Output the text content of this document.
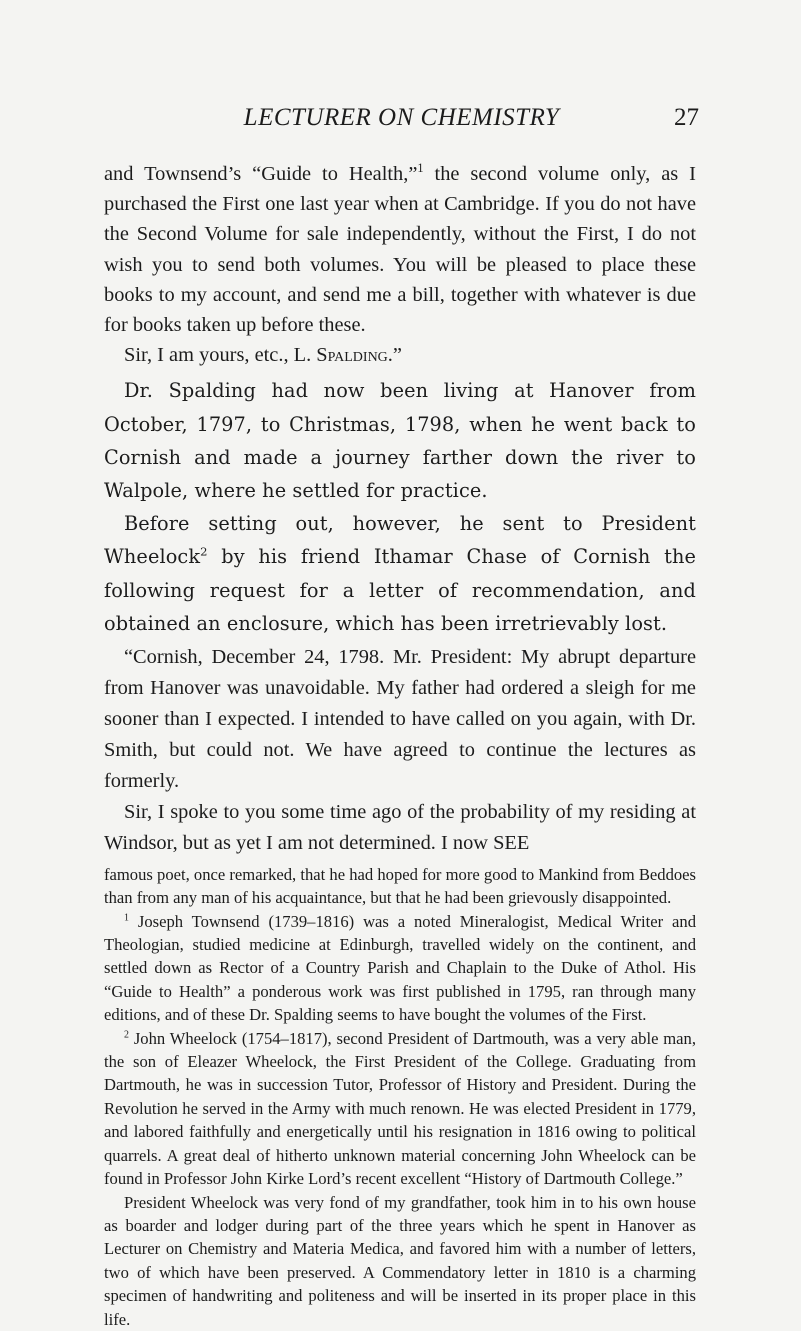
LECTURER ON CHEMISTRY	27

and Townsend’s “Guide to Health,”$^1$ the second volume only, as I purchased the First one last year when at Cambridge. If you do not have the Second Volume for sale independently, without the First, I do not wish you to send both volumes. You will be pleased to place these books to my account, and send me a bill, together with whatever is due for books taken up before these.

Sir, I am yours, etc., L. Spalding.”

Dr. Spalding had now been living at Hanover from October, 1797, to Christmas, 1798, when he went back to Cornish and made a journey farther down the river to Walpole, where he settled for practice.

Before setting out, however, he sent to President Wheelock$^2$ by his friend Ithamar Chase of Cornish the following request for a letter of recommendation, and obtained an enclosure, which has been irretrievably lost.

“Cornish, December 24, 1798. Mr. President: My abrupt departure from Hanover was unavoidable. My father had ordered a sleigh for me sooner than I expected. I intended to have called on you again, with Dr. Smith, but could not. We have agreed to continue the lectures as formerly.

Sir, I spoke to you some time ago of the probability of my residing at Windsor, but as yet I am not determined. I now SEE

famous poet, once remarked, that he had hoped for more good to Mankind from Beddoes than from any man of his acquaintance, but that he had been grievously disappointed.

$^1$ Joseph Townsend (1739–1816) was a noted Mineralogist, Medical Writer and Theologian, studied medicine at Edinburgh, travelled widely on the continent, and settled down as Rector of a Country Parish and Chaplain to the Duke of Athol. His “Guide to Health” a ponderous work was first published in 1795, ran through many editions, and of these Dr. Spalding seems to have bought the volumes of the First.

$^2$ John Wheelock (1754–1817), second President of Dartmouth, was a very able man, the son of Eleazer Wheelock, the First President of the College. Graduating from Dartmouth, he was in succession Tutor, Professor of History and President. During the Revolution he served in the Army with much renown. He was elected President in 1779, and labored faithfully and energetically until his resignation in 1816 owing to political quarrels. A great deal of hitherto unknown material concerning John Wheelock can be found in Professor John Kirke Lord’s recent excellent “History of Dartmouth College.”

President Wheelock was very fond of my grandfather, took him in to his own house as boarder and lodger during part of the three years which he spent in Hanover as Lecturer on Chemistry and Materia Medica, and favored him with a number of letters, two of which have been preserved. A Commendatory letter in 1810 is a charming specimen of handwriting and politeness and will be inserted in its proper place in this life.
